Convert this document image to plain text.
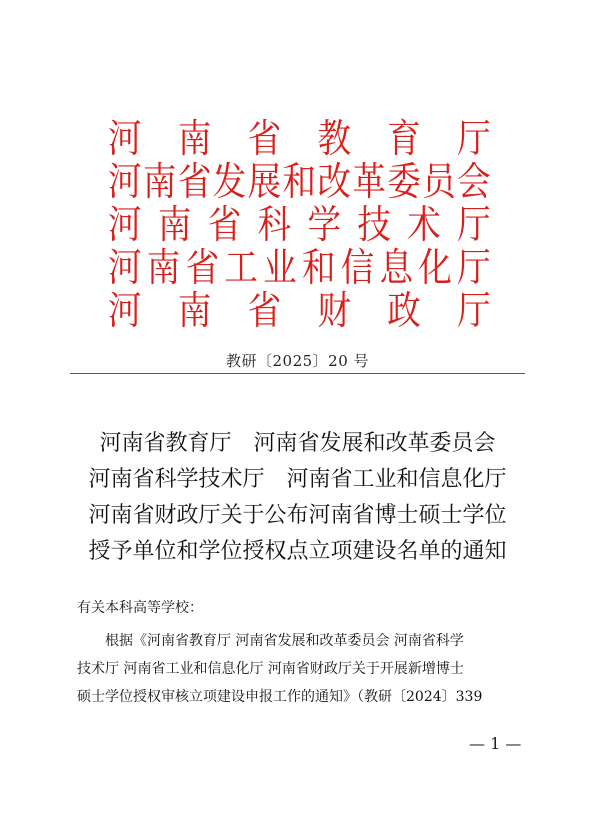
河 南 省 教 育 厅
河 南 省 发 展 和 改 革 委 员 会
河 南 省 科 学 技 术 厅
河 南 省 工 业 和 信 息 化 厅
河 南 省 财 政 厅
教研〔2025〕20 号
河南省教育厅　河南省发展和改革委员会
河南省科学技术厅　河南省工业和信息化厅
河南省财政厅关于公布河南省博士硕士学位
授予单位和学位授权点立项建设名单的通知
有关本科高等学校：
根据《河南省教育厅 河南省发展和改革委员会 河南省科学
技术厅 河南省工业和信息化厅 河南省财政厅关于开展新增博士
硕士学位授权审核立项建设申报工作的通知》（教研〔2024〕339
— 1 —
